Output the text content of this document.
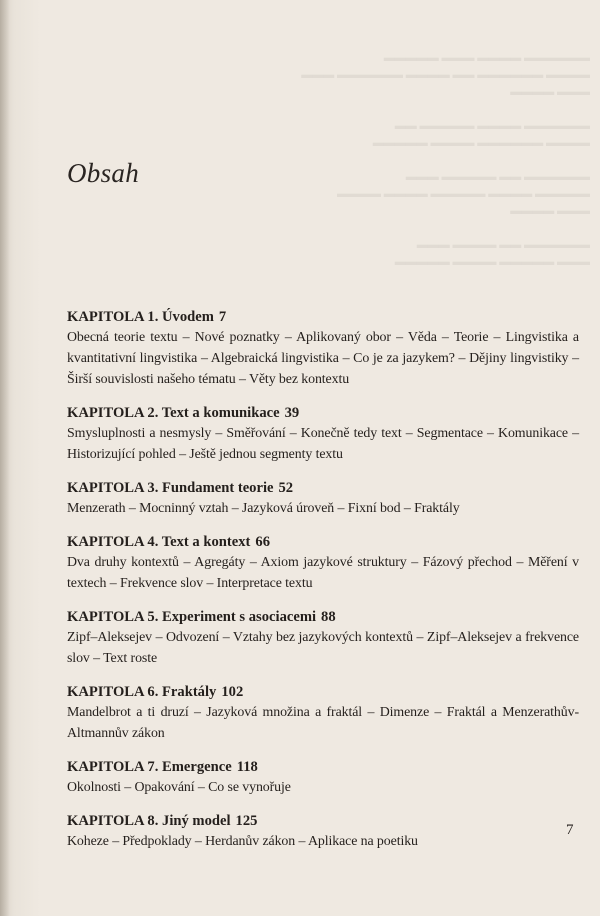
▬▬▬▬▬▬ ▬▬▬▬ ▬▬▬ ▬▬▬▬▬
▬▬▬▬ ▬▬▬▬▬▬ ▬▬ ▬▬▬▬ ▬▬▬▬▬▬ ▬▬▬
▬▬▬ ▬▬▬▬

▬▬▬▬▬▬ ▬▬▬▬ ▬▬▬▬▬ ▬▬
▬▬▬▬ ▬▬▬▬▬▬ ▬▬▬▬ ▬▬▬▬▬

▬▬▬▬▬▬ ▬▬ ▬▬▬▬▬ ▬▬▬
▬▬▬▬▬ ▬▬▬▬ ▬▬▬▬▬ ▬▬▬▬ ▬▬▬▬
▬▬▬ ▬▬▬▬

▬▬▬▬▬▬ ▬▬ ▬▬▬▬ ▬▬▬
▬▬▬ ▬▬▬▬▬ ▬▬▬▬ ▬▬▬▬▬
Obsah

KAPITOLA 1. Úvodem 7

Obecná teorie textu – Nové poznatky – Aplikovaný obor – Věda – Teorie – Lingvistika a kvantitativní lingvistika – Algebraická lingvistika – Co je za jazykem? – Dějiny lingvistiky – Širší souvislosti našeho tématu – Věty bez kontextu

KAPITOLA 2. Text a komunikace 39

Smysluplnosti a nesmysly – Směřování – Konečně tedy text – Segmentace – Komunikace – Historizující pohled – Ještě jednou segmenty textu

KAPITOLA 3. Fundament teorie 52

Menzerath – Mocninný vztah – Jazyková úroveň – Fixní bod – Fraktály

KAPITOLA 4. Text a kontext 66

Dva druhy kontextů – Agregáty – Axiom jazykové struktury – Fázový přechod – Měření v textech – Frekvence slov – Interpretace textu

KAPITOLA 5. Experiment s asociacemi 88

Zipf–Aleksejev – Odvození – Vztahy bez jazykových kontextů – Zipf–Aleksejev a frekvence slov – Text roste

KAPITOLA 6. Fraktály 102

Mandelbrot a ti druzí – Jazyková množina a fraktál – Dimenze – Fraktál a Menzerathův-Altmannův zákon

KAPITOLA 7. Emergence 118

Okolnosti – Opakování – Co se vynořuje

KAPITOLA 8. Jiný model 125

Koheze – Předpoklady – Herdanův zákon – Aplikace na poetiku

7
